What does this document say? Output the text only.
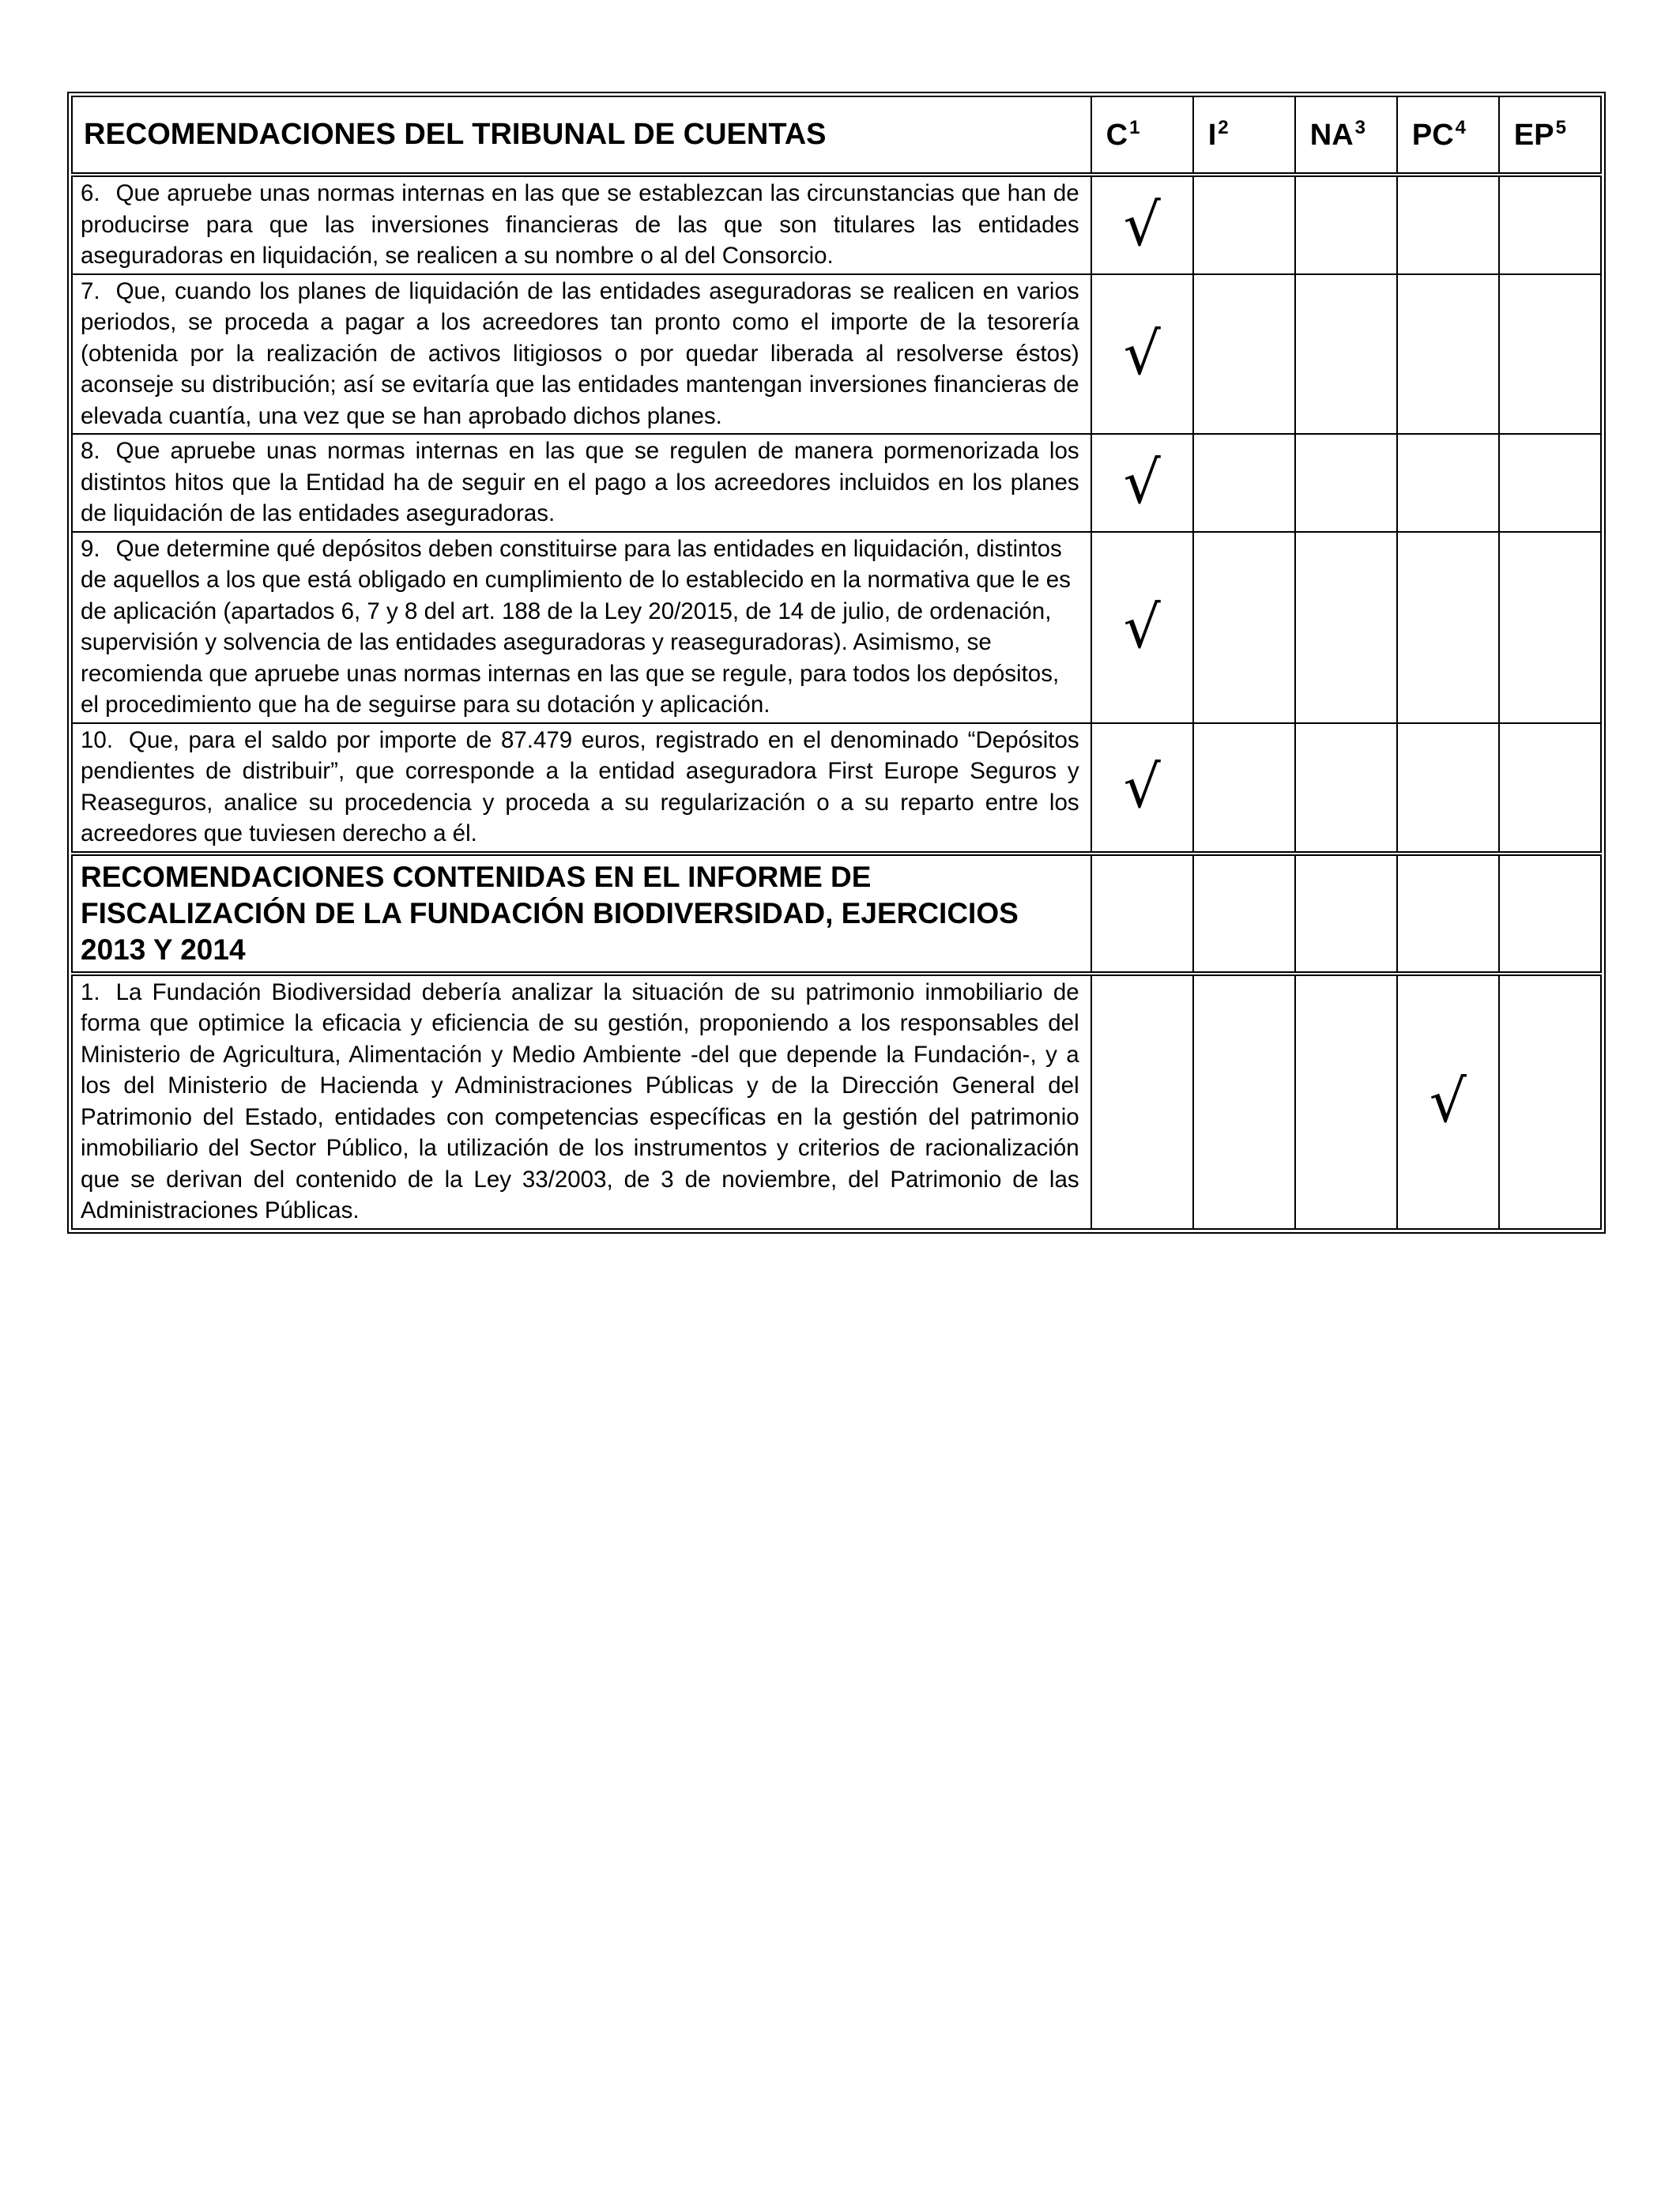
RECOMENDACIONES DEL TRIBUNAL DE CUENTAS	$C^1$	$I^2$	$NA^3$	$PC^4$	$EP^5$
6. Que apruebe unas normas internas en las que se establezcan las circunstancias que han de producirse para que las inversiones financieras de las que son titulares las entidades aseguradoras en liquidación, se realicen a su nombre o al del Consorcio.	√				
7. Que, cuando los planes de liquidación de las entidades aseguradoras se realicen en varios periodos, se proceda a pagar a los acreedores tan pronto como el importe de la tesorería (obtenida por la realización de activos litigiosos o por quedar liberada al resolverse éstos) aconseje su distribución; así se evitaría que las entidades mantengan inversiones financieras de elevada cuantía, una vez que se han aprobado dichos planes.	√				
8. Que apruebe unas normas internas en las que se regulen de manera pormenorizada los distintos hitos que la Entidad ha de seguir en el pago a los acreedores incluidos en los planes de liquidación de las entidades aseguradoras.	√				
9. Que determine qué depósitos deben constituirse para las entidades en liquidación, distintos de aquellos a los que está obligado en cumplimiento de lo establecido en la normativa que le es de aplicación (apartados 6, 7 y 8 del art. 188 de la Ley 20/2015, de 14 de julio, de ordenación, supervisión y solvencia de las entidades aseguradoras y reaseguradoras). Asimismo, se recomienda que apruebe unas normas internas en las que se regule, para todos los depósitos, el procedimiento que ha de seguirse para su dotación y aplicación.	√				
10. Que, para el saldo por importe de 87.479 euros, registrado en el denominado “Depósitos pendientes de distribuir”, que corresponde a la entidad aseguradora First Europe Seguros y Reaseguros, analice su procedencia y proceda a su regularización o a su reparto entre los acreedores que tuviesen derecho a él.	√				
RECOMENDACIONES CONTENIDAS EN EL INFORME DE FISCALIZACIÓN DE LA FUNDACIÓN BIODIVERSIDAD, EJERCICIOS 2013 Y 2014					
1. La Fundación Biodiversidad debería analizar la situación de su patrimonio inmobiliario de forma que optimice la eficacia y eficiencia de su gestión, proponiendo a los responsables del Ministerio de Agricultura, Alimentación y Medio Ambiente -del que depende la Fundación-, y a los del Ministerio de Hacienda y Administraciones Públicas y de la Dirección General del Patrimonio del Estado, entidades con competencias específicas en la gestión del patrimonio inmobiliario del Sector Público, la utilización de los instrumentos y criterios de racionalización que se derivan del contenido de la Ley 33/2003, de 3 de noviembre, del Patrimonio de las Administraciones Públicas.				√	
